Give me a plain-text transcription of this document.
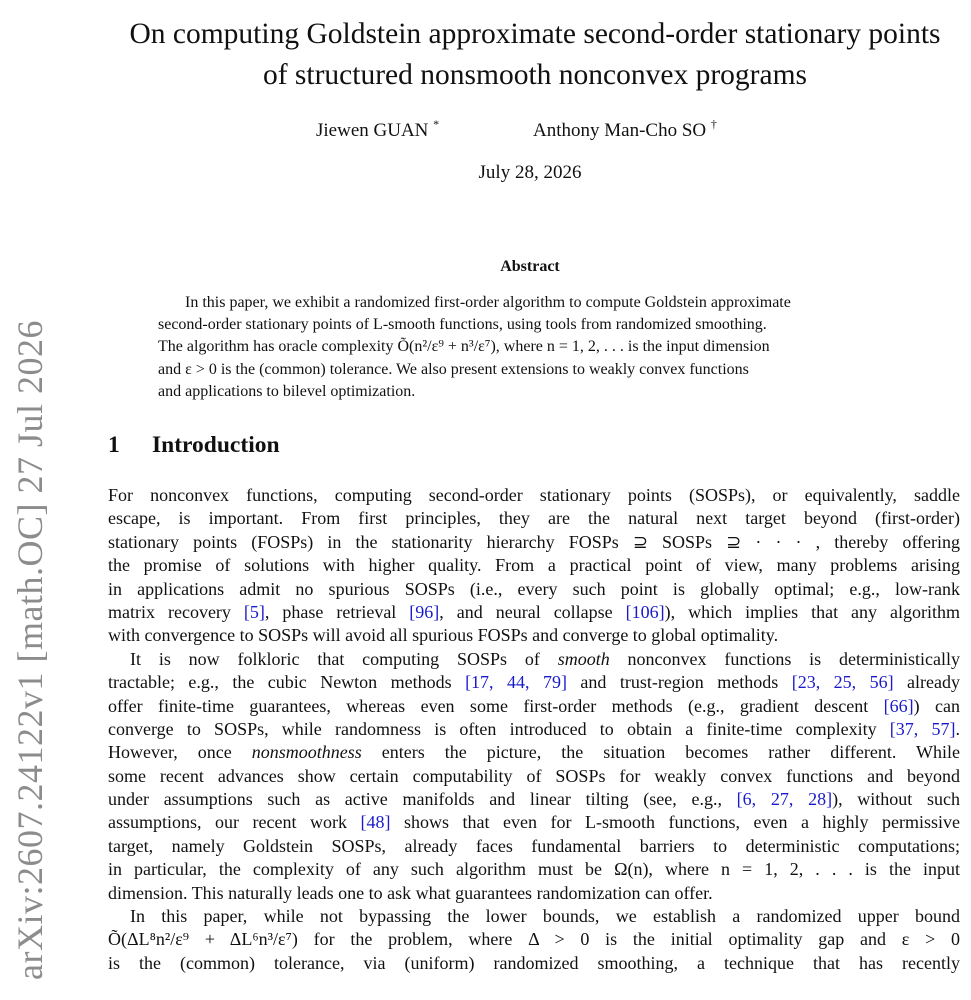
arXiv:2607.24122v1 [math.OC] 27 Jul 2026
On computing Goldstein approximate second-order stationary points
of structured nonsmooth nonconvex programs
Jiewen GUAN *	Anthony Man-Cho SO †
July 28, 2026
Abstract
In this paper, we exhibit a randomized first-order algorithm to compute Goldstein approximate
second-order stationary points of L-smooth functions, using tools from randomized smoothing.
The algorithm has oracle complexity Õ(n²/ε⁹ + n³/ε⁷), where n = 1, 2, . . . is the input dimension
and ε > 0 is the (common) tolerance. We also present extensions to weakly convex functions
and applications to bilevel optimization.
1 Introduction
For nonconvex functions, computing second-order stationary points (SOSPs), or equivalently, saddle
escape, is important. From first principles, they are the natural next target beyond (first-order)
stationary points (FOSPs) in the stationarity hierarchy FOSPs ⊇ SOSPs ⊇ · · · , thereby offering
the promise of solutions with higher quality. From a practical point of view, many problems arising
in applications admit no spurious SOSPs (i.e., every such point is globally optimal; e.g., low-rank
matrix recovery [5], phase retrieval [96], and neural collapse [106]), which implies that any algorithm
with convergence to SOSPs will avoid all spurious FOSPs and converge to global optimality.
It is now folkloric that computing SOSPs of smooth nonconvex functions is deterministically
tractable; e.g., the cubic Newton methods [17, 44, 79] and trust-region methods [23, 25, 56] already
offer finite-time guarantees, whereas even some first-order methods (e.g., gradient descent [66]) can
converge to SOSPs, while randomness is often introduced to obtain a finite-time complexity [37, 57].
However, once nonsmoothness enters the picture, the situation becomes rather different. While
some recent advances show certain computability of SOSPs for weakly convex functions and beyond
under assumptions such as active manifolds and linear tilting (see, e.g., [6, 27, 28]), without such
assumptions, our recent work [48] shows that even for L-smooth functions, even a highly permissive
target, namely Goldstein SOSPs, already faces fundamental barriers to deterministic computations;
in particular, the complexity of any such algorithm must be Ω(n), where n = 1, 2, . . . is the input
dimension. This naturally leads one to ask what guarantees randomization can offer.
In this paper, while not bypassing the lower bounds, we establish a randomized upper bound
Õ(ΔL⁸n²/ε⁹ + ΔL⁶n³/ε⁷) for the problem, where Δ > 0 is the initial optimality gap and ε > 0
is the (common) tolerance, via (uniform) randomized smoothing, a technique that has recently
